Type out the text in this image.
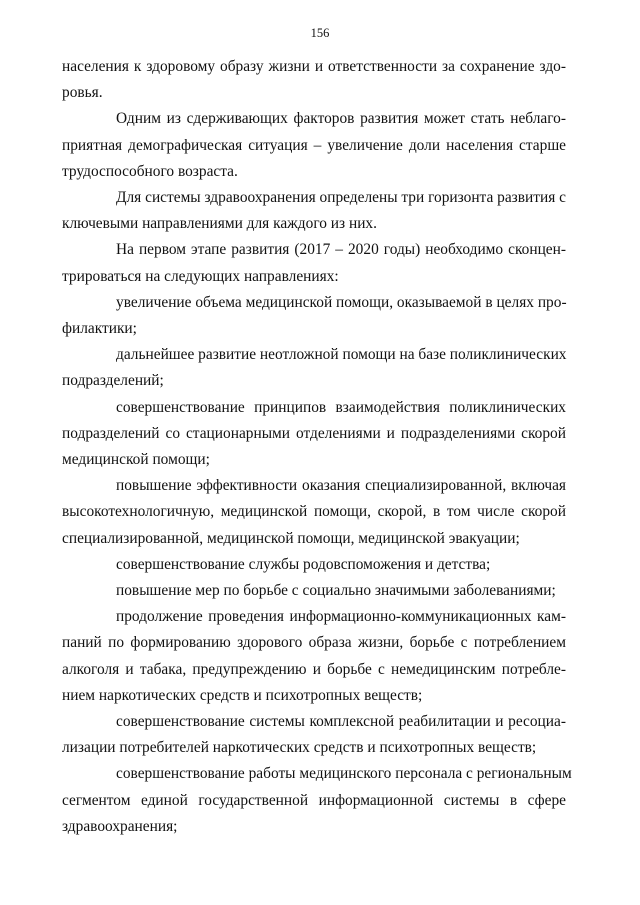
156

населения к здоровому образу жизни и ответственности за сохранение здо-
ровья.

Одним из сдерживающих факторов развития может стать неблаго-
приятная демографическая ситуация – увеличение доли населения старше
трудоспособного возраста.

Для системы здравоохранения определены три горизонта развития с
ключевыми направлениями для каждого из них.

На первом этапе развития (2017 – 2020 годы) необходимо сконцен-
трироваться на следующих направлениях:

увеличение объема медицинской помощи, оказываемой в целях про-
филактики;

дальнейшее развитие неотложной помощи на базе поликлинических
подразделений;

совершенствование принципов взаимодействия поликлинических
подразделений со стационарными отделениями и подразделениями скорой
медицинской помощи;

повышение эффективности оказания специализированной, включая
высокотехнологичную, медицинской помощи, скорой, в том числе скорой
специализированной, медицинской помощи, медицинской эвакуации;

совершенствование службы родовспоможения и детства;

повышение мер по борьбе с социально значимыми заболеваниями;

продолжение проведения информационно-коммуникационных кам-
паний по формированию здорового образа жизни, борьбе с потреблением
алкоголя и табака, предупреждению и борьбе с немедицинским потребле-
нием наркотических средств и психотропных веществ;

совершенствование системы комплексной реабилитации и ресоциа-
лизации потребителей наркотических средств и психотропных веществ;

совершенствование работы медицинского персонала с региональным
сегментом единой государственной информационной системы в сфере
здравоохранения;
